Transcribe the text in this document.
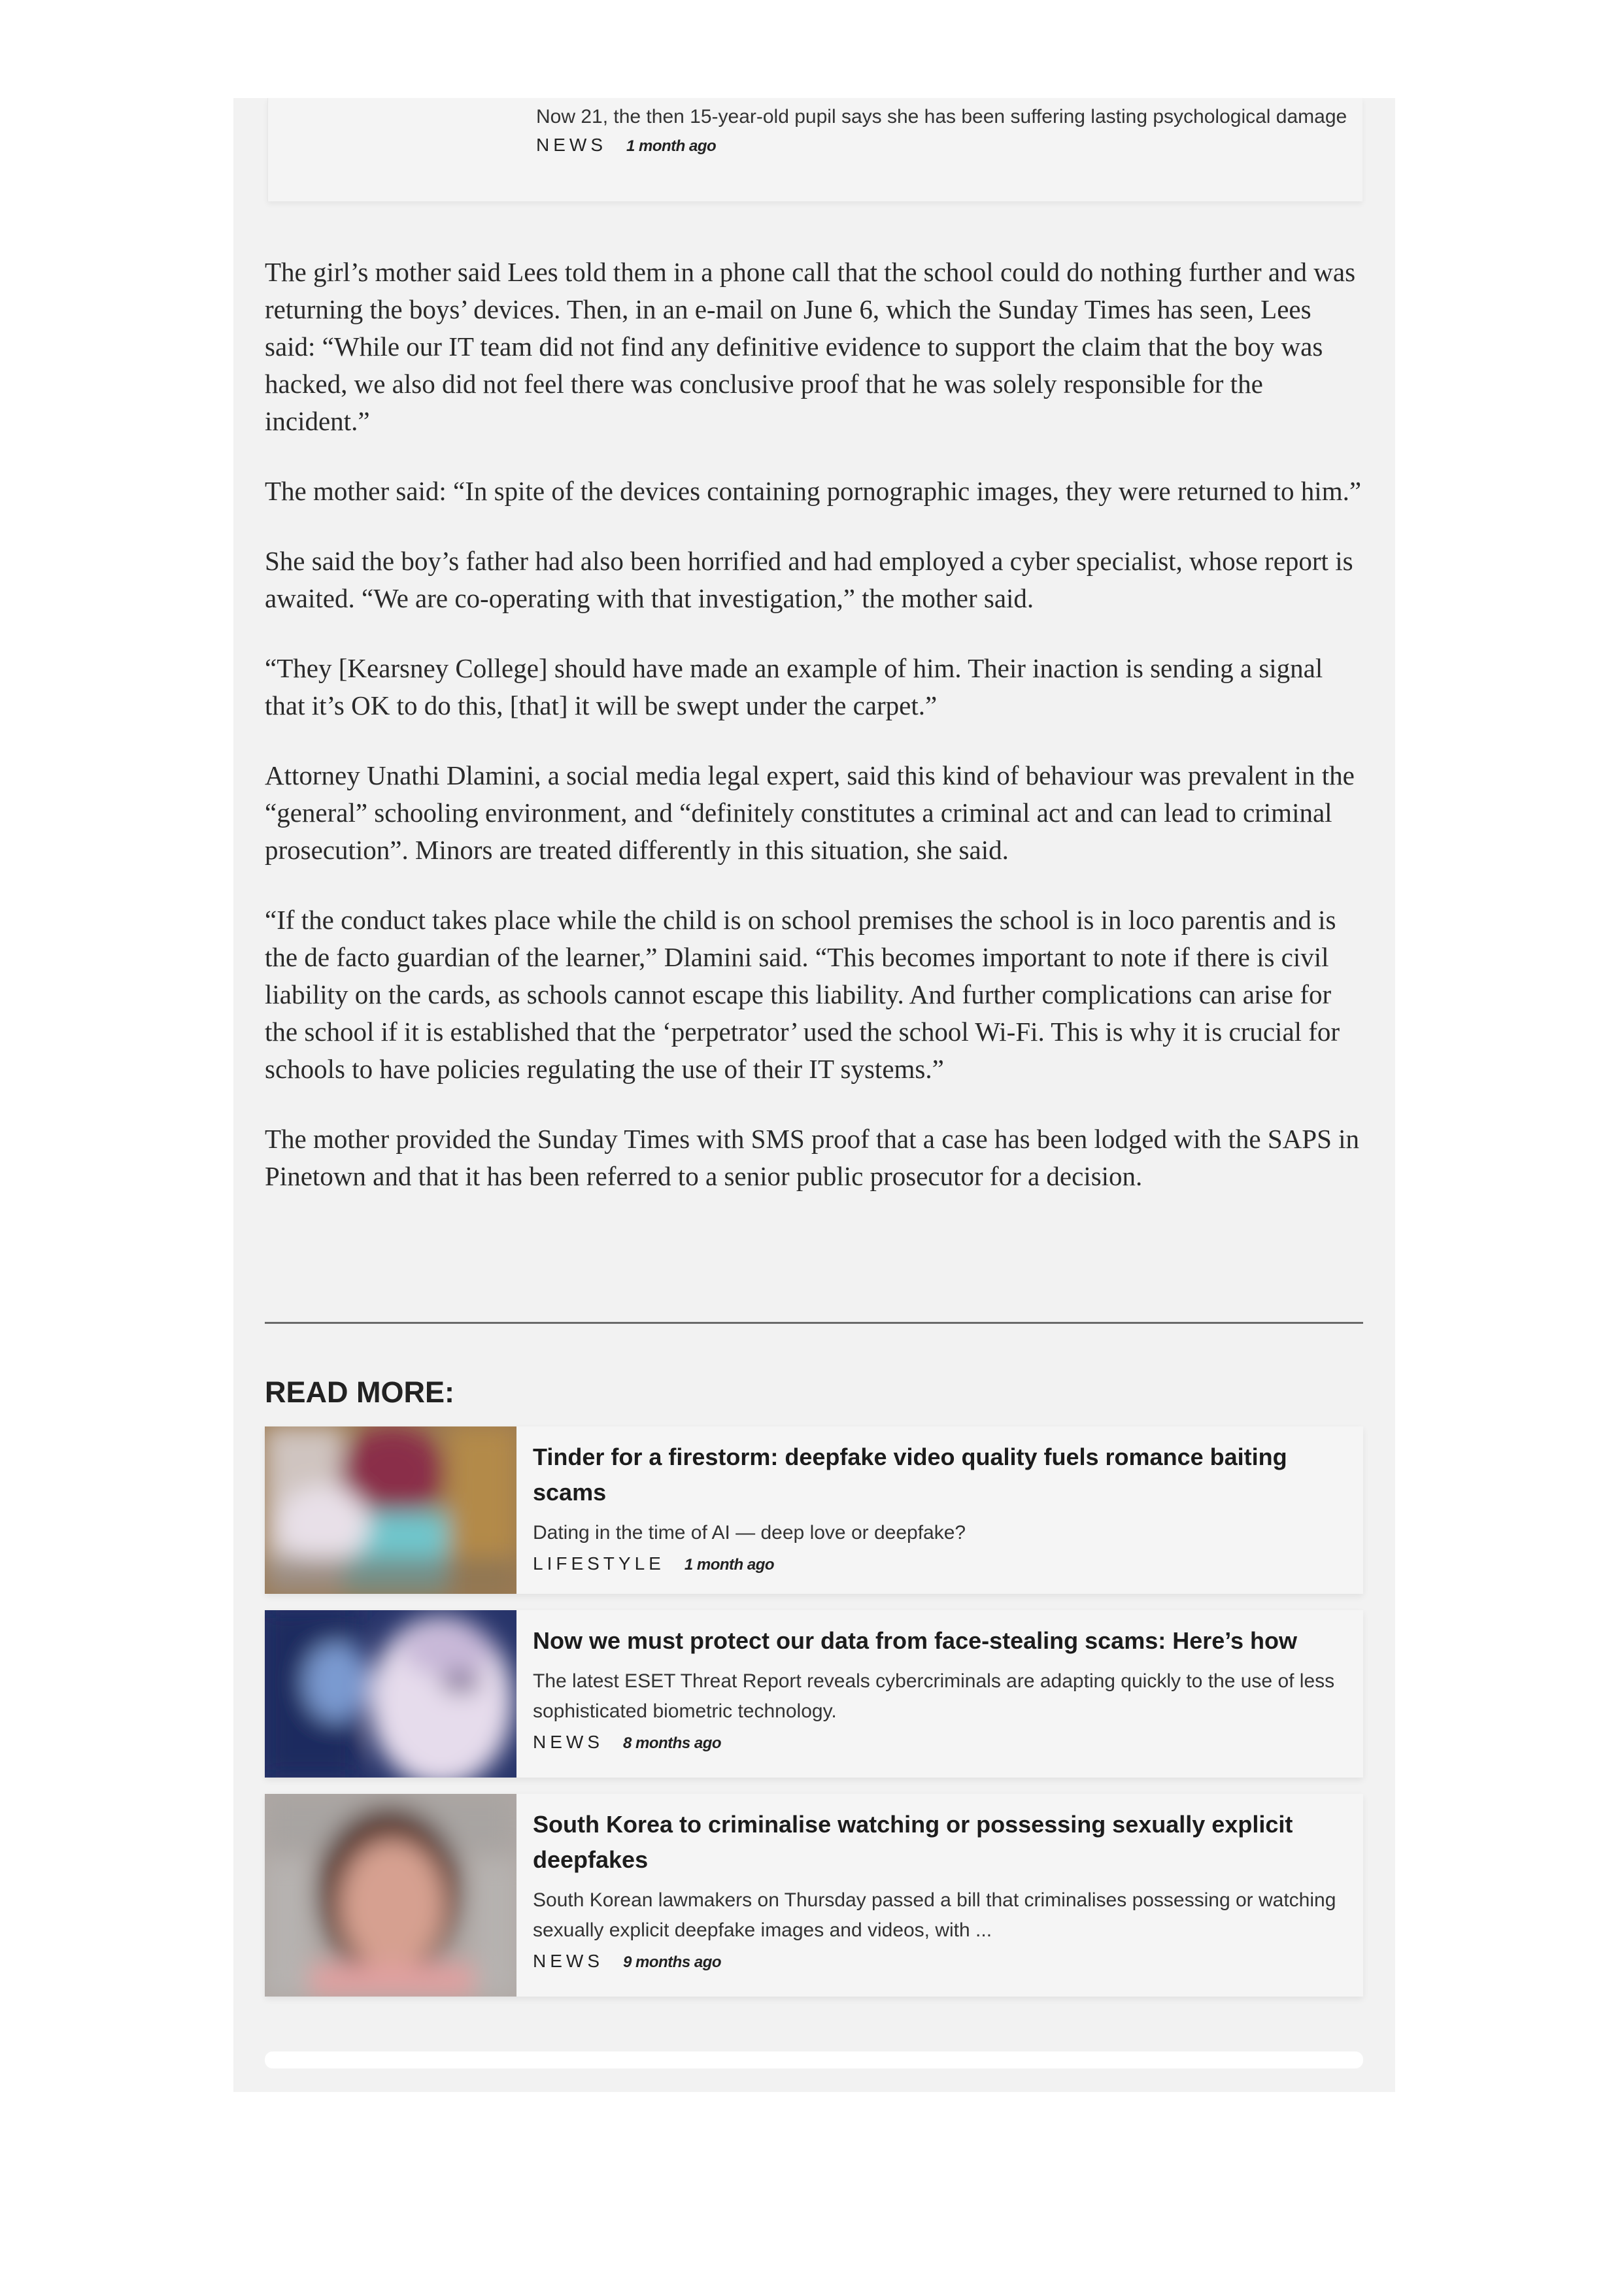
Now 21, the then 15-year-old pupil says she has been suffering lasting psychological damage

NEWS 1 month ago

The girl’s mother said Lees told them in a phone call that the school could do nothing further and was returning the boys’ devices. Then, in an e-mail on June 6, which the Sunday Times has seen, Lees said: “While our IT team did not find any definitive evidence to support the claim that the boy was hacked, we also did not feel there was conclusive proof that he was solely responsible for the incident.”

The mother said: “In spite of the devices containing pornographic images, they were returned to him.”

She said the boy’s father had also been horrified and had employed a cyber specialist, whose report is awaited. “We are co-operating with that investigation,” the mother said.

“They [Kearsney College] should have made an example of him. Their inaction is sending a signal that it’s OK to do this, [that] it will be swept under the carpet.”

Attorney Unathi Dlamini, a social media legal expert, said this kind of behaviour was prevalent in the “general” schooling environment, and “definitely constitutes a criminal act and can lead to criminal prosecution”. Minors are treated differently in this situation, she said.

“If the conduct takes place while the child is on school premises the school is in loco parentis and is the de facto guardian of the learner,” Dlamini said. “This becomes important to note if there is civil liability on the cards, as schools cannot escape this liability. And further complications can arise for the school if it is established that the ‘perpetrator’ used the school Wi-Fi. This is why it is crucial for schools to have policies regulating the use of their IT systems.”

The mother provided the Sunday Times with SMS proof that a case has been lodged with the SAPS in Pinetown and that it has been referred to a senior public prosecutor for a decision.

READ MORE:

Tinder for a firestorm: deepfake video quality fuels romance baiting scams

Dating in the time of AI — deep love or deepfake?

LIFESTYLE 1 month ago

Now we must protect our data from face-stealing scams: Here’s how

The latest ESET Threat Report reveals cybercriminals are adapting quickly to the use of less sophisticated biometric technology.

NEWS 8 months ago

South Korea to criminalise watching or possessing sexually explicit deepfakes

South Korean lawmakers on Thursday passed a bill that criminalises possessing or watching sexually explicit deepfake images and videos, with ...

NEWS 9 months ago
